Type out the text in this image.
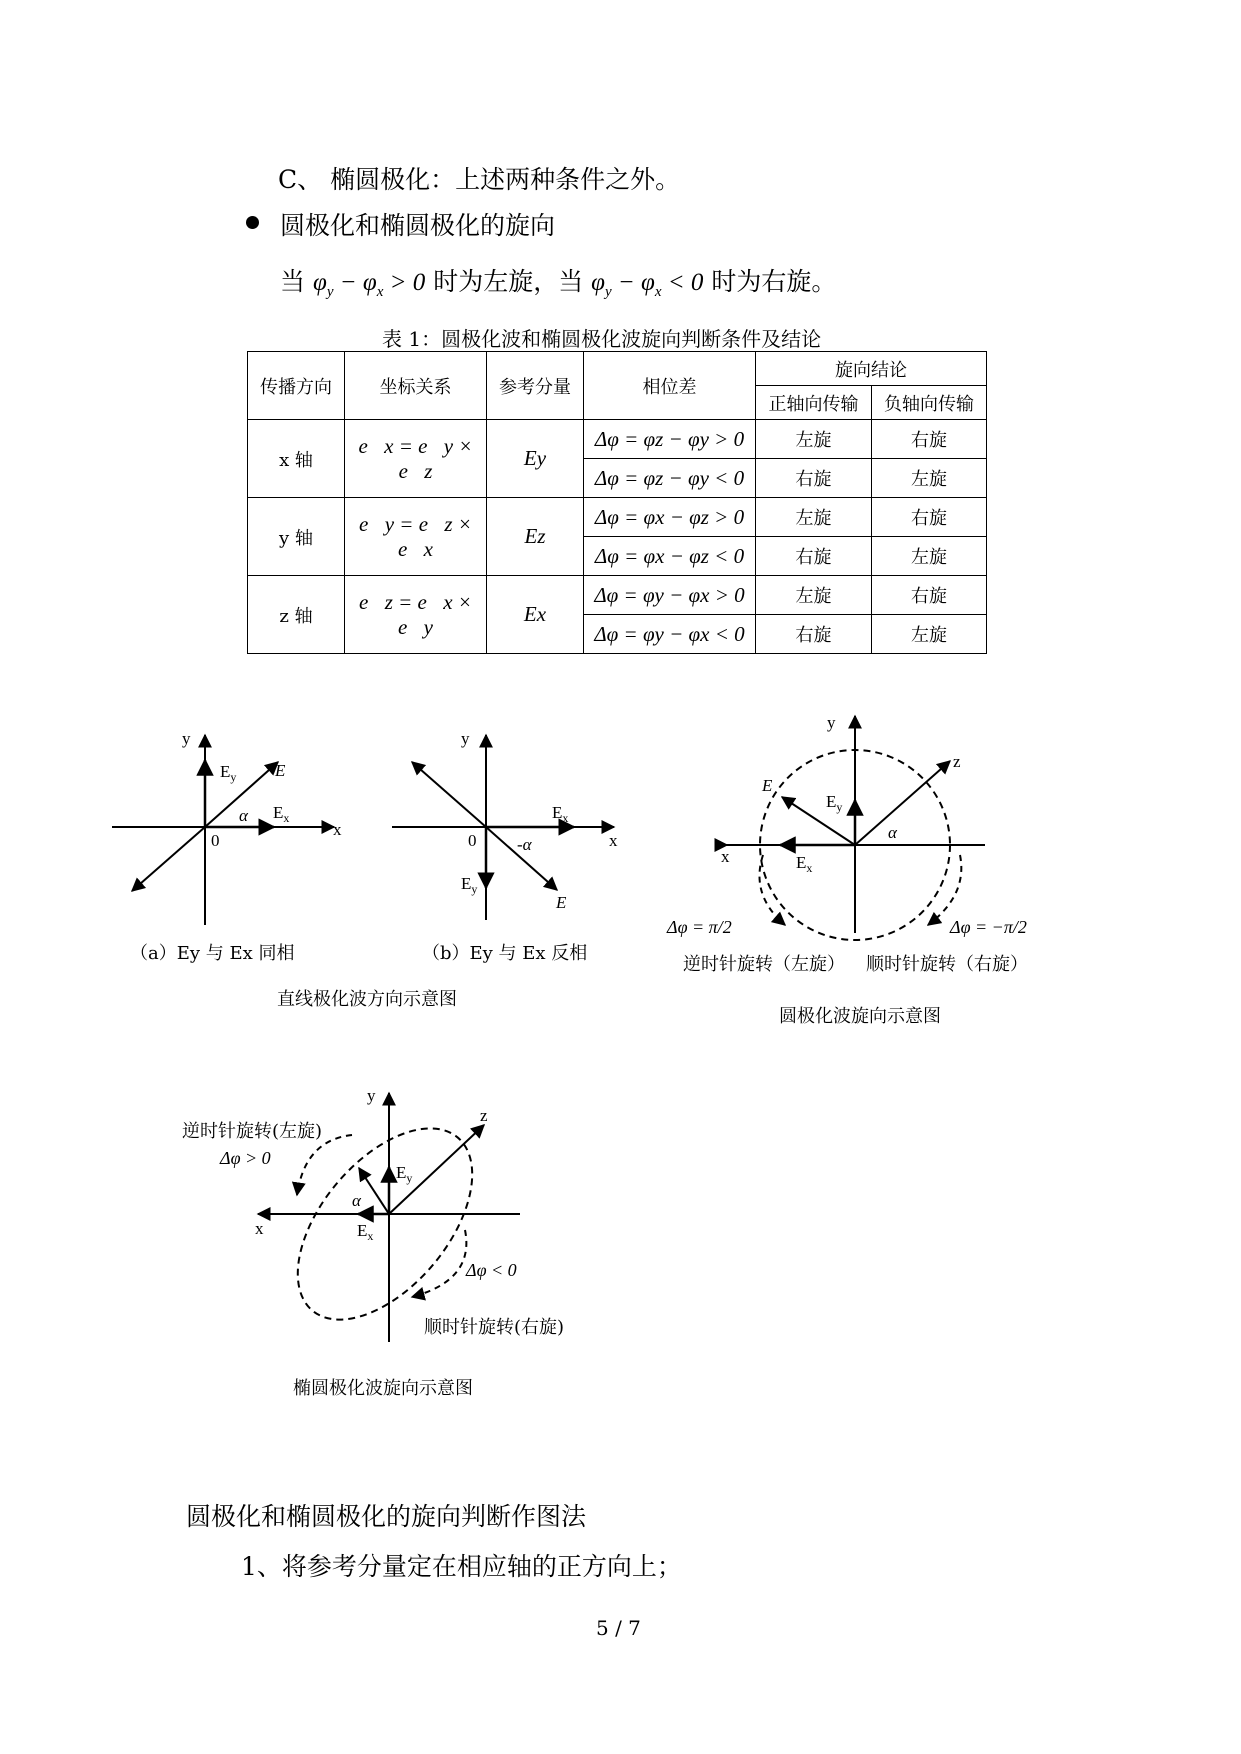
C、 椭圆极化：上述两种条件之外。
圆极化和椭圆极化的旋向
当 $\varphi_y - \varphi_x > 0$ 时为左旋，当 $\varphi_y - \varphi_x < 0$ 时为右旋。
表 1：圆极化波和椭圆极化波旋向判断条件及结论
传播方向	坐标关系	参考分量	相位差	旋向结论	
				正轴向传输	负轴向传输
x 轴	e⃗x = e⃗y × e⃗z	Ey	Δφ = φz − φy > 0	左旋	右旋
			Δφ = φz − φy < 0	右旋	左旋
y 轴	e⃗y = e⃗z × e⃗x	Ez	Δφ = φx − φz > 0	左旋	右旋
			Δφ = φx − φz < 0	右旋	左旋
z 轴	e⃗z = e⃗x × e⃗y	Ex	Δφ = φy − φx > 0	左旋	右旋
			Δφ = φy − φx < 0	右旋	左旋
y
x
$E_y$ E
$E_x$
α
0
y
x
$E_x$
$E_y$
E
-α
0
y
z
x
E
$E_y$
$E_x$
α
y
z
x
$E_y$
$E_x$
α
（a）Ey 与 Ex 同相	（b）Ey 与 Ex 反相
直线极化波方向示意图
Δφ = π/2	Δφ = −π/2
逆时针旋转（左旋） 顺时针旋转（右旋）
圆极化波旋向示意图
逆时针旋转(左旋)
Δφ > 0
Δφ < 0
顺时针旋转(右旋)
椭圆极化波旋向示意图
圆极化和椭圆极化的旋向判断作图法
1、将参考分量定在相应轴的正方向上；
5 / 7
